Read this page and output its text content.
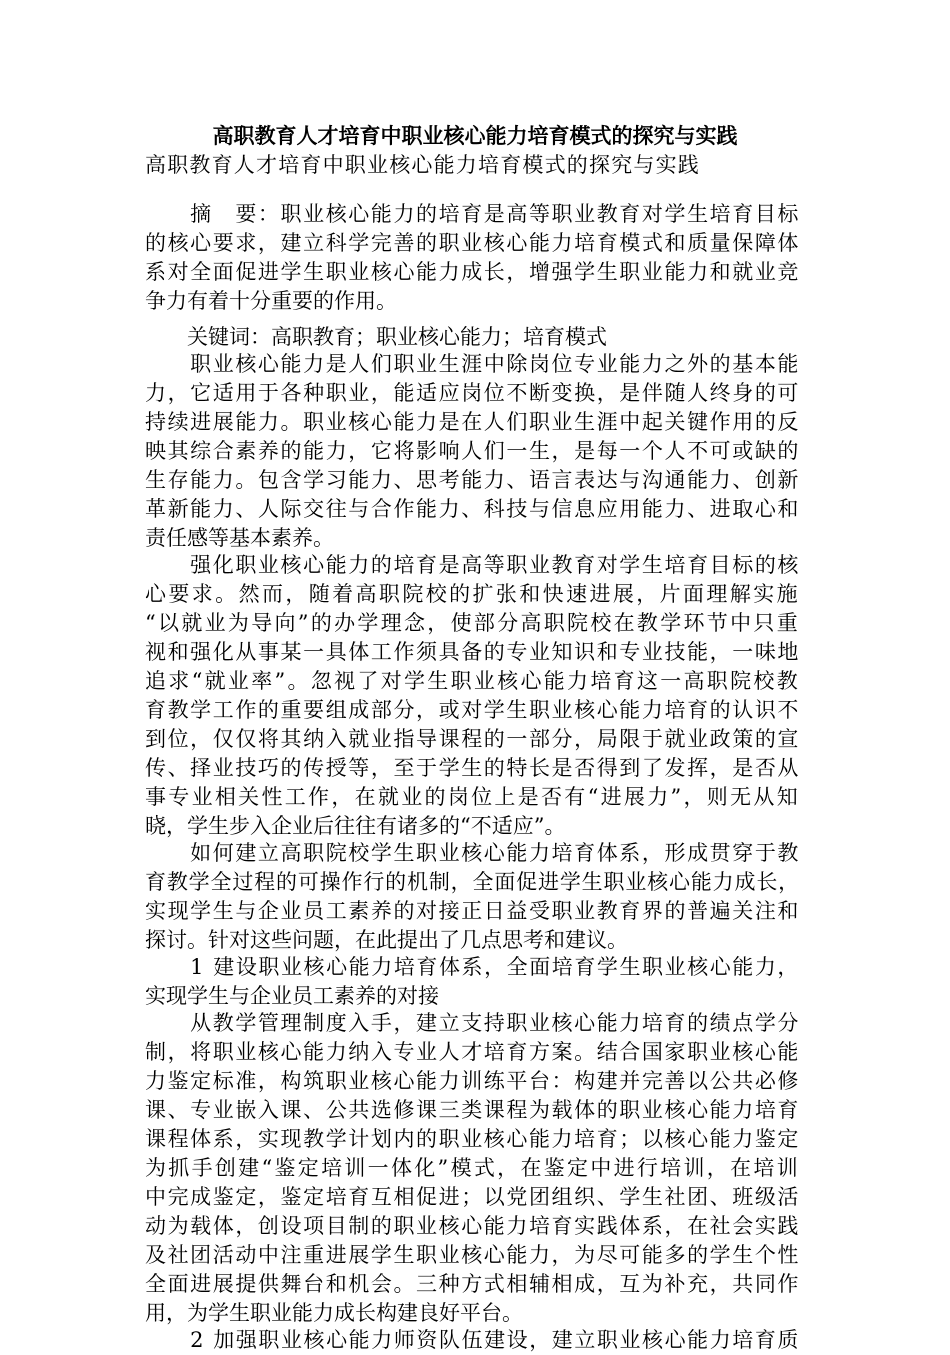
高职教育人才培育中职业核心能力培育模式的探究与实践

高职教育人才培育中职业核心能力培育模式的探究与实践

　　摘　要：职业核心能力的培育是高等职业教育对学生培育目标

的核心要求，建立科学完善的职业核心能力培育模式和质量保障体

系对全面促进学生职业核心能力成长，增强学生职业能力和就业竞

争力有着十分重要的作用。

　　关键词：高职教育；职业核心能力；培育模式

　　职业核心能力是人们职业生涯中除岗位专业能力之外的基本能

力，它适用于各种职业，能适应岗位不断变换，是伴随人终身的可

持续进展能力。职业核心能力是在人们职业生涯中起关键作用的反

映其综合素养的能力，它将影响人们一生，是每一个人不可或缺的

生存能力。包含学习能力、思考能力、语言表达与沟通能力、创新

革新能力、人际交往与合作能力、科技与信息应用能力、进取心和

责任感等基本素养。

　　强化职业核心能力的培育是高等职业教育对学生培育目标的核

心要求。然而，随着高职院校的扩张和快速进展，片面理解实施

“以就业为导向”的办学理念，使部分高职院校在教学环节中只重

视和强化从事某一具体工作须具备的专业知识和专业技能，一味地

追求“就业率”。忽视了对学生职业核心能力培育这一高职院校教

育教学工作的重要组成部分，或对学生职业核心能力培育的认识不

到位，仅仅将其纳入就业指导课程的一部分，局限于就业政策的宣

传、择业技巧的传授等，至于学生的特长是否得到了发挥，是否从

事专业相关性工作，在就业的岗位上是否有“进展力”，则无从知

晓，学生步入企业后往往有诸多的“不适应”。

　　如何建立高职院校学生职业核心能力培育体系，形成贯穿于教

育教学全过程的可操作行的机制，全面促进学生职业核心能力成长，

实现学生与企业员工素养的对接正日益受职业教育界的普遍关注和

探讨。针对这些问题，在此提出了几点思考和建议。

　　1 建设职业核心能力培育体系，全面培育学生职业核心能力，

实现学生与企业员工素养的对接

　　从教学管理制度入手，建立支持职业核心能力培育的绩点学分

制，将职业核心能力纳入专业人才培育方案。结合国家职业核心能

力鉴定标准，构筑职业核心能力训练平台：构建并完善以公共必修

课、专业嵌入课、公共选修课三类课程为载体的职业核心能力培育

课程体系，实现教学计划内的职业核心能力培育；以核心能力鉴定

为抓手创建“鉴定培训一体化”模式，在鉴定中进行培训，在培训

中完成鉴定，鉴定培育互相促进；以党团组织、学生社团、班级活

动为载体，创设项目制的职业核心能力培育实践体系，在社会实践

及社团活动中注重进展学生职业核心能力，为尽可能多的学生个性

全面进展提供舞台和机会。三种方式相辅相成，互为补充，共同作

用，为学生职业能力成长构建良好平台。

　　2 加强职业核心能力师资队伍建设，建立职业核心能力培育质
